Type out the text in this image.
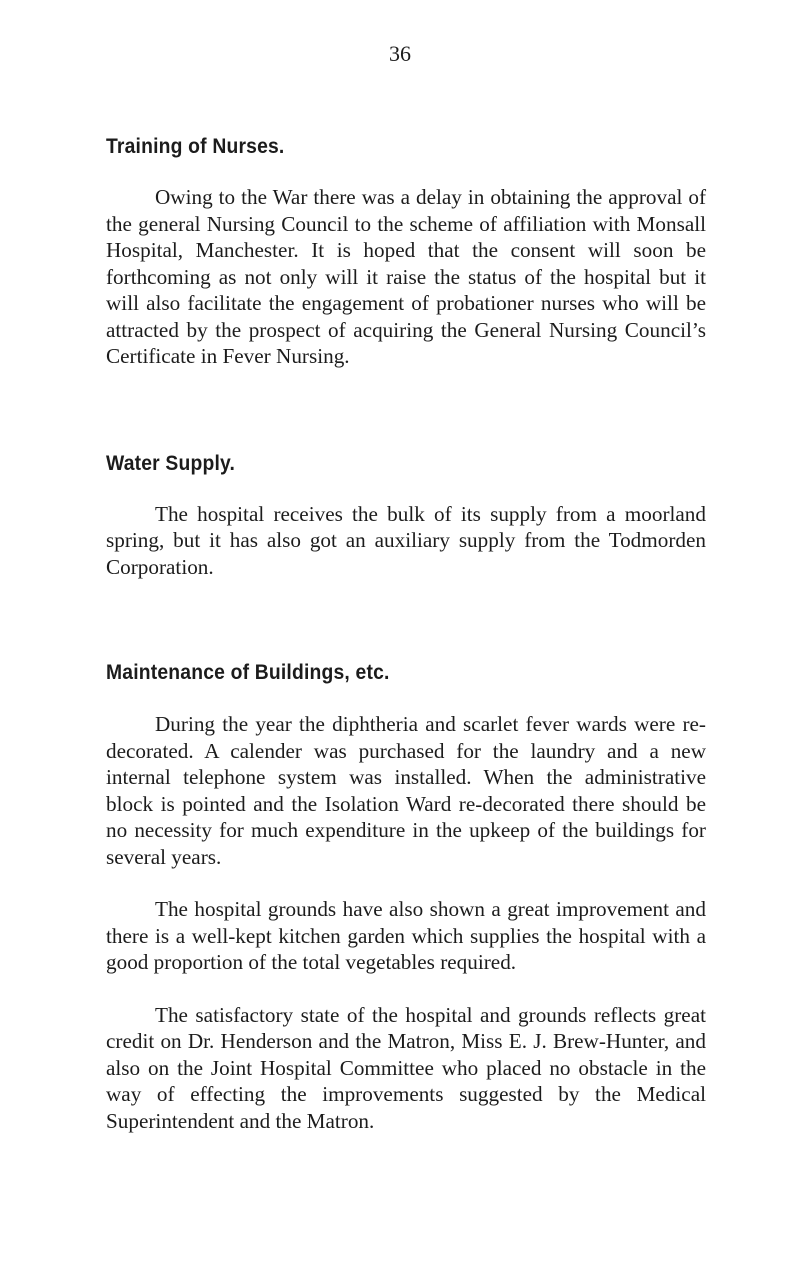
36
Training of Nurses.

Owing to the War there was a delay in obtaining the approval of the general Nursing Council to the scheme of affiliation with Monsall Hospital, Manchester. It is hoped that the consent will soon be forthcoming as not only will it raise the status of the hospital but it will also facilitate the engagement of probationer nurses who will be attracted by the prospect of acquiring the General Nursing Council’s Certificate in Fever Nursing.

Water Supply.

The hospital receives the bulk of its supply from a moorland spring, but it has also got an auxiliary supply from the Todmorden Corporation.

Maintenance of Buildings, etc.

During the year the diphtheria and scarlet fever wards were re-decorated. A calender was purchased for the laundry and a new internal telephone system was installed. When the administrative block is pointed and the Isolation Ward re-decorated there should be no necessity for much expenditure in the upkeep of the buildings for several years.

The hospital grounds have also shown a great improvement and there is a well-kept kitchen garden which supplies the hospital with a good proportion of the total vegetables required.

The satisfactory state of the hospital and grounds reflects great credit on Dr. Henderson and the Matron, Miss E. J. Brew-Hunter, and also on the Joint Hospital Committee who placed no obstacle in the way of effecting the improvements suggested by the Medical Superintendent and the Matron.
